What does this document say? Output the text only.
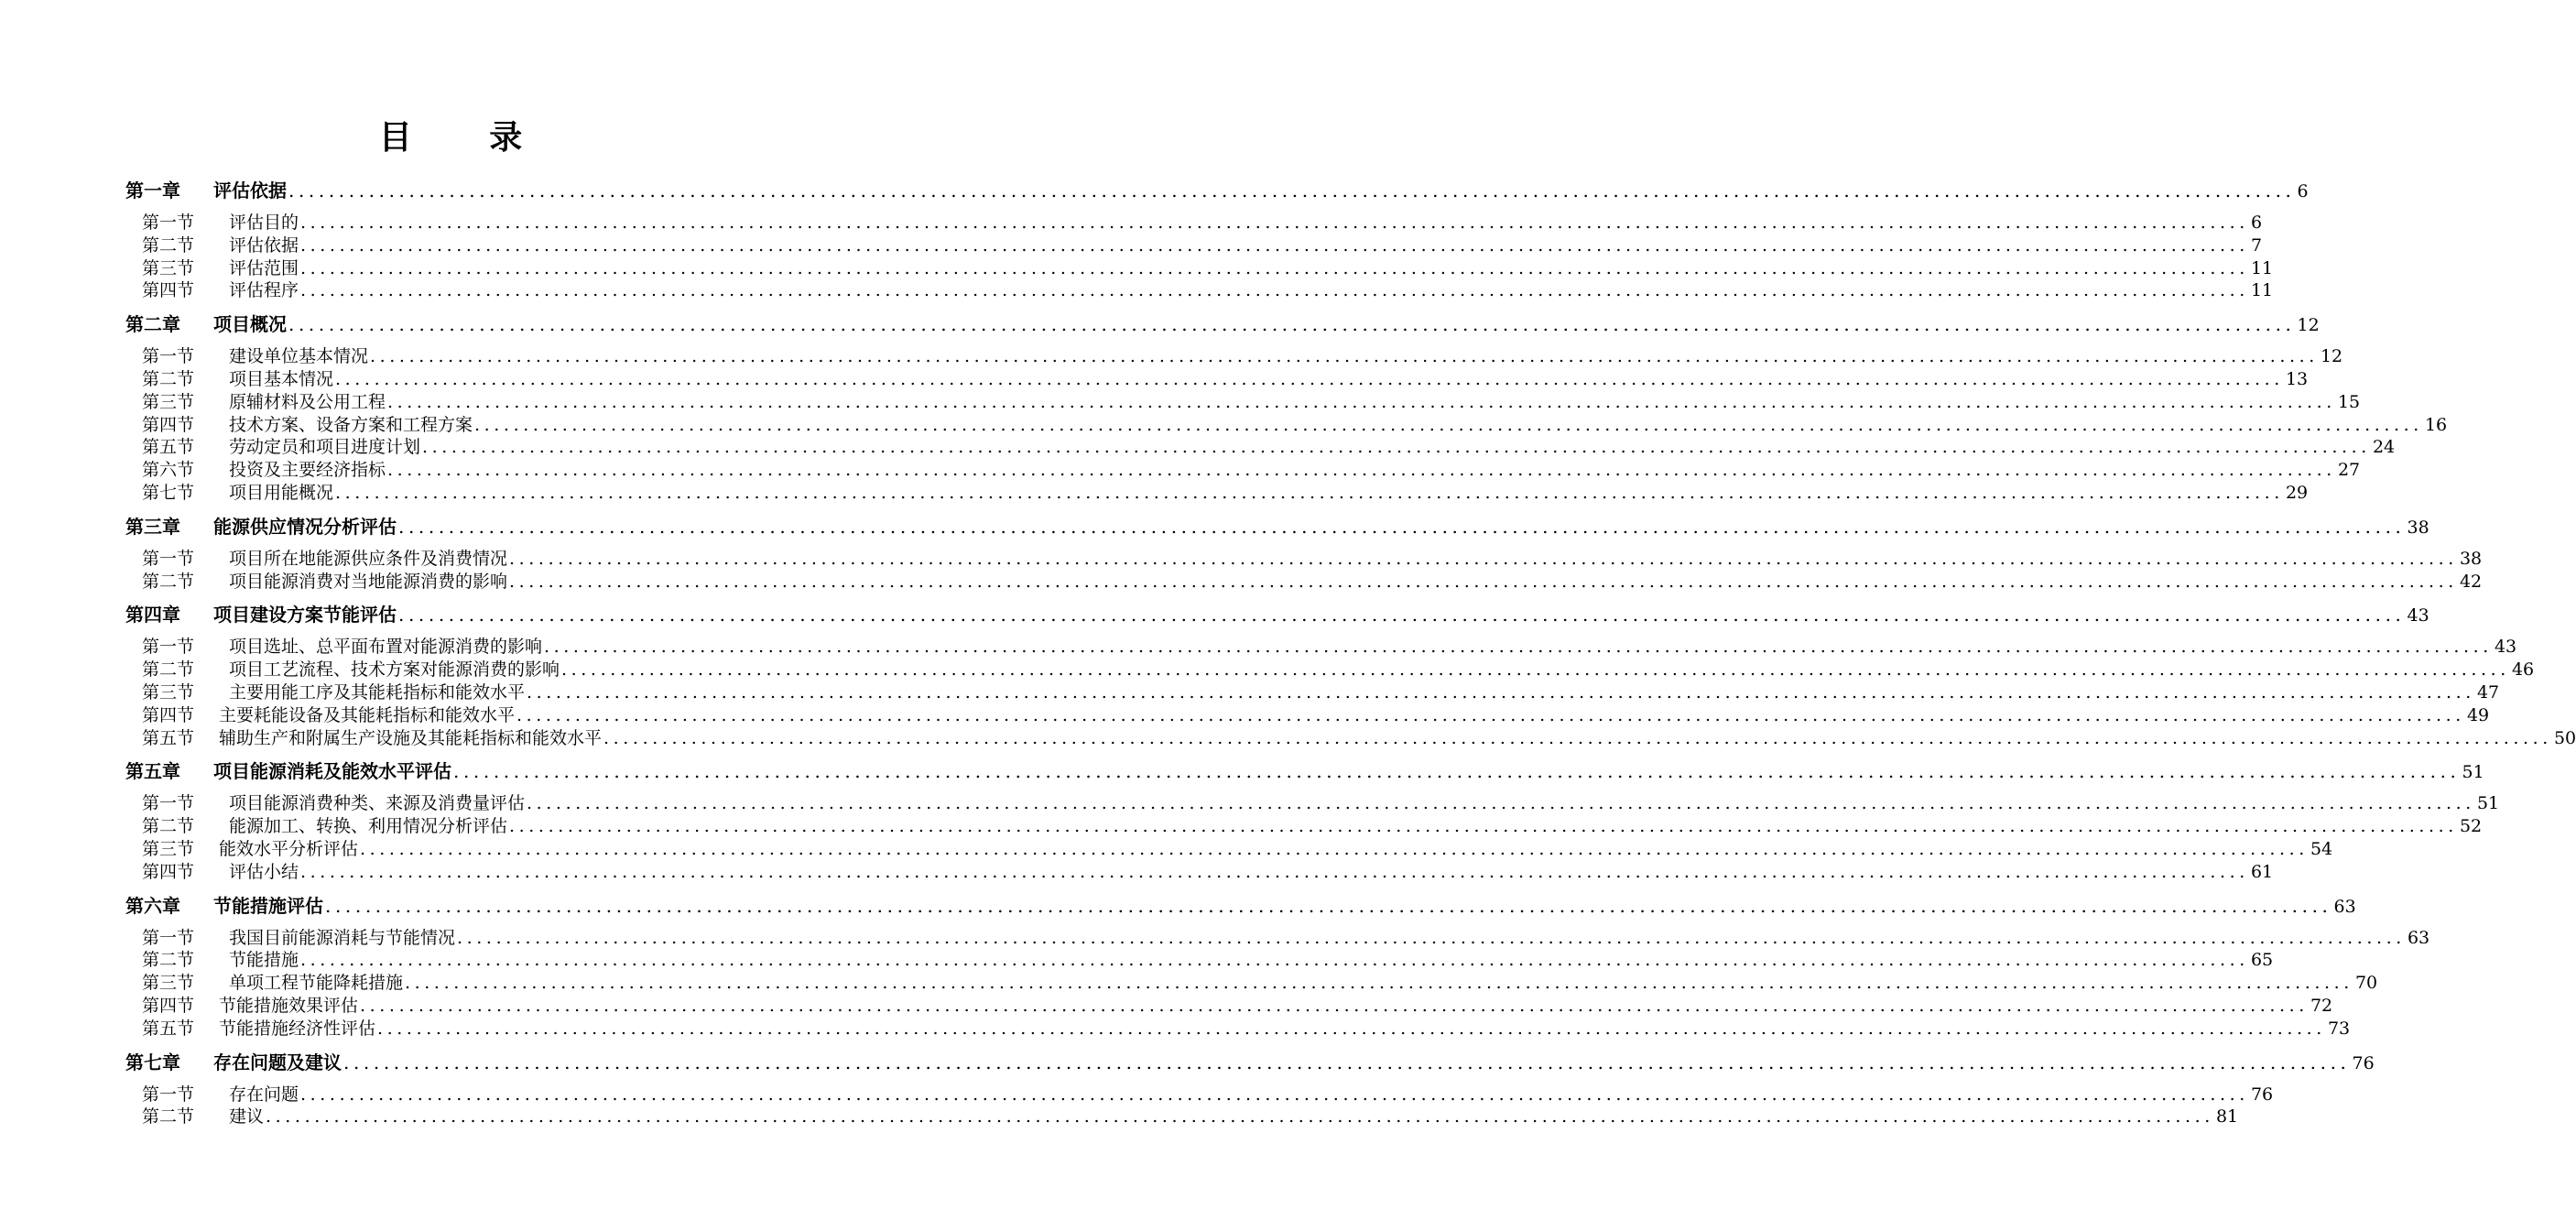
目 录
第一章	评估依据 ........................................................................................................................................................................................................ 6
第一节	评估目的 ........................................................................................................................................................................................................ 6
第二节	评估依据 ........................................................................................................................................................................................................ 7
第三节	评估范围 ........................................................................................................................................................................................................ 11
第四节	评估程序 ........................................................................................................................................................................................................ 11
第二章	项目概况 ........................................................................................................................................................................................................ 12
第一节	建设单位基本情况 ........................................................................................................................................................................................................ 12
第二节	项目基本情况 ........................................................................................................................................................................................................ 13
第三节	原辅材料及公用工程 ........................................................................................................................................................................................................ 15
第四节	技术方案、设备方案和工程方案 ........................................................................................................................................................................................................ 16
第五节	劳动定员和项目进度计划 ........................................................................................................................................................................................................ 24
第六节	投资及主要经济指标 ........................................................................................................................................................................................................ 27
第七节	项目用能概况 ........................................................................................................................................................................................................ 29
第三章	能源供应情况分析评估 ........................................................................................................................................................................................................ 38
第一节	项目所在地能源供应条件及消费情况 ........................................................................................................................................................................................................ 38
第二节	项目能源消费对当地能源消费的影响 ........................................................................................................................................................................................................ 42
第四章	项目建设方案节能评估 ........................................................................................................................................................................................................ 43
第一节	项目选址、总平面布置对能源消费的影响 ........................................................................................................................................................................................................ 43
第二节	项目工艺流程、技术方案对能源消费的影响 ........................................................................................................................................................................................................ 46
第三节	主要用能工序及其能耗指标和能效水平 ........................................................................................................................................................................................................ 47
第四节	主要耗能设备及其能耗指标和能效水平 ........................................................................................................................................................................................................ 49
第五节	辅助生产和附属生产设施及其能耗指标和能效水平 ........................................................................................................................................................................................................ 50
第五章	项目能源消耗及能效水平评估 ........................................................................................................................................................................................................ 51
第一节	项目能源消费种类、来源及消费量评估 ........................................................................................................................................................................................................ 51
第二节	能源加工、转换、利用情况分析评估 ........................................................................................................................................................................................................ 52
第三节	能效水平分析评估 ........................................................................................................................................................................................................ 54
第四节	评估小结 ........................................................................................................................................................................................................ 61
第六章	节能措施评估 ........................................................................................................................................................................................................ 63
第一节	我国目前能源消耗与节能情况 ........................................................................................................................................................................................................ 63
第二节	节能措施 ........................................................................................................................................................................................................ 65
第三节	单项工程节能降耗措施 ........................................................................................................................................................................................................ 70
第四节	节能措施效果评估 ........................................................................................................................................................................................................ 72
第五节	节能措施经济性评估 ........................................................................................................................................................................................................ 73
第七章	存在问题及建议 ........................................................................................................................................................................................................ 76
第一节	存在问题 ........................................................................................................................................................................................................ 76
第二节	建议 ........................................................................................................................................................................................................ 81
